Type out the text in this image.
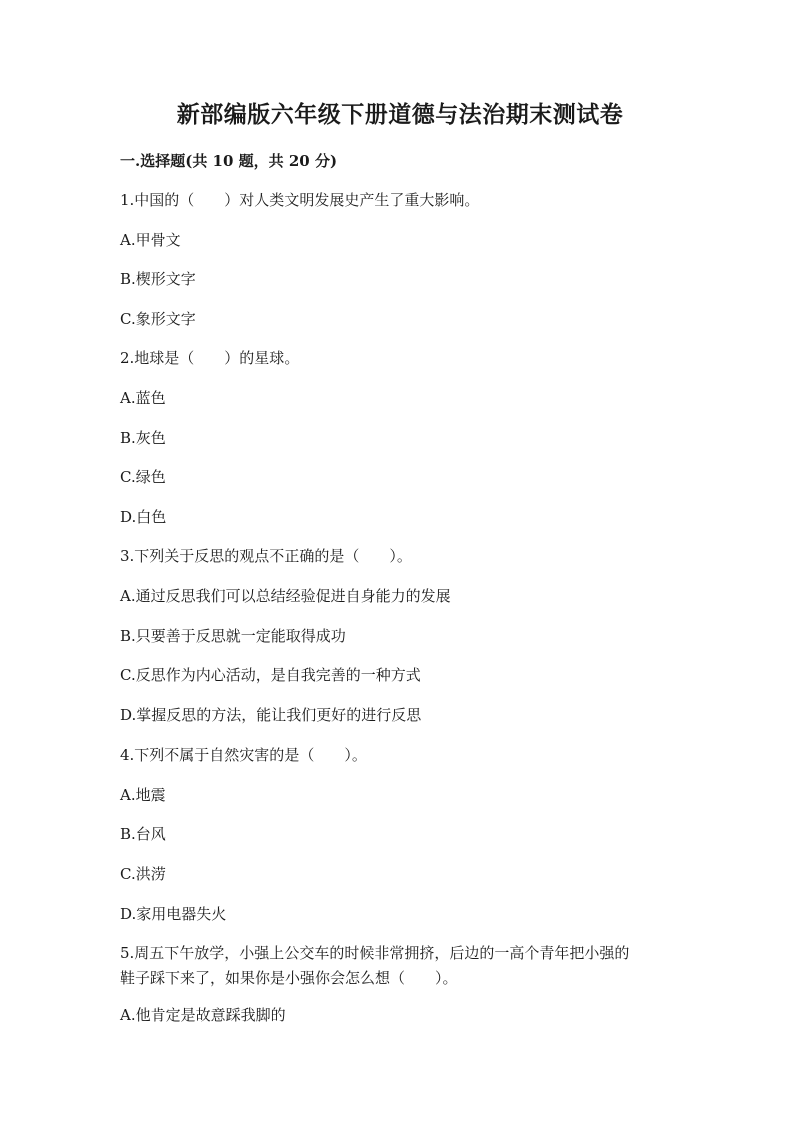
新部编版六年级下册道德与法治期末测试卷
一.选择题(共 10 题，共 20 分)
1.中国的（　　）对人类文明发展史产生了重大影响。
A.甲骨文
B.楔形文字
C.象形文字
2.地球是（　　）的星球。
A.蓝色
B.灰色
C.绿色
D.白色
3.下列关于反思的观点不正确的是（　　）。
A.通过反思我们可以总结经验促进自身能力的发展
B.只要善于反思就一定能取得成功
C.反思作为内心活动，是自我完善的一种方式
D.掌握反思的方法，能让我们更好的进行反思
4.下列不属于自然灾害的是（　　）。
A.地震
B.台风
C.洪涝
D.家用电器失火
5.周五下午放学，小强上公交车的时候非常拥挤，后边的一高个青年把小强的
鞋子踩下来了，如果你是小强你会怎么想（　　）。
A.他肯定是故意踩我脚的
